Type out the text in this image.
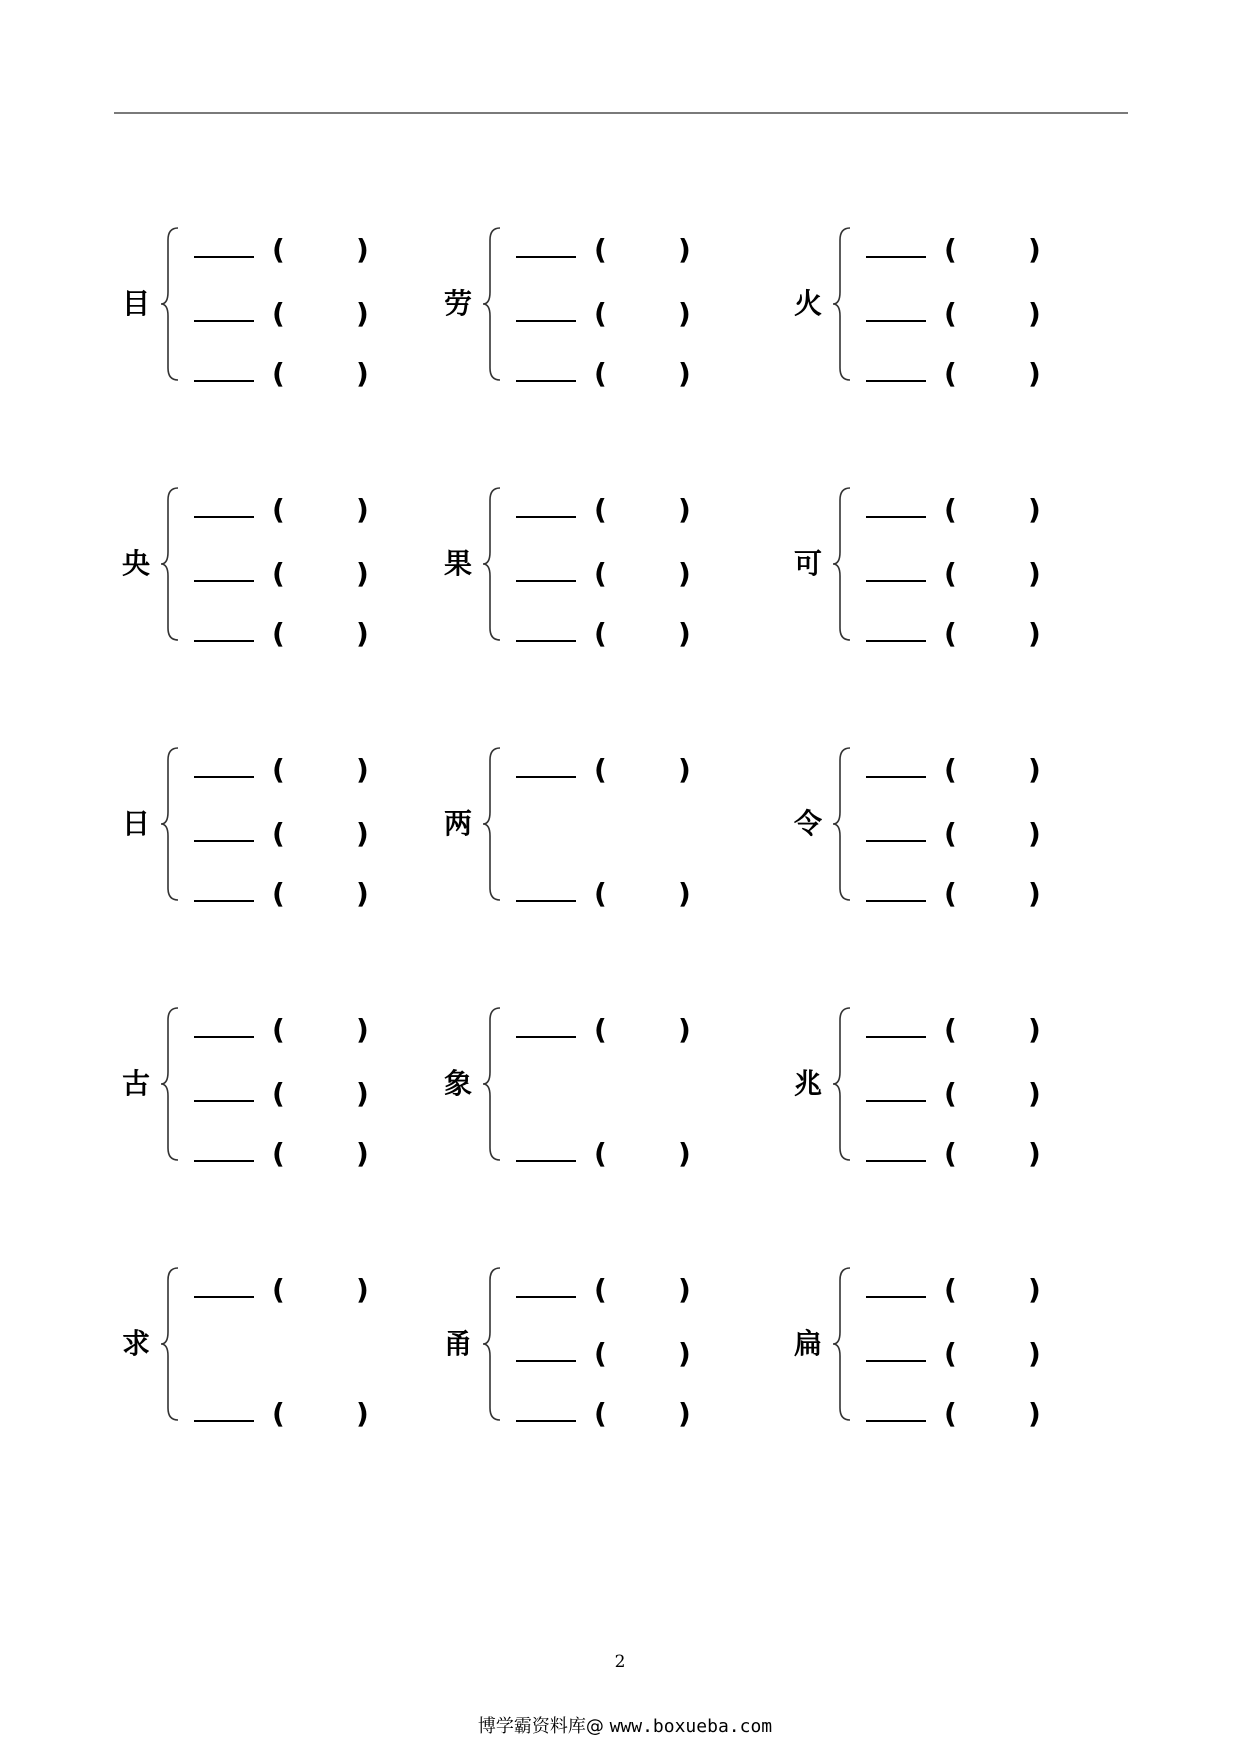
目
(	)
(	)
(	)
劳
(	)
(	)
(	)
火
(	)
(	)
(	)
央
(	)
(	)
(	)
果
(	)
(	)
(	)
可
(	)
(	)
(	)
日
(	)
(	)
(	)
两
(	)
(	)
令
(	)
(	)
(	)
古
(	)
(	)
(	)
象
(	)
(	)
兆
(	)
(	)
(	)
求
(	)
(	)
甬
(	)
(	)
(	)
扁
(	)
(	)
(	)
2
博学霸资料库@ www.boxueba.com
